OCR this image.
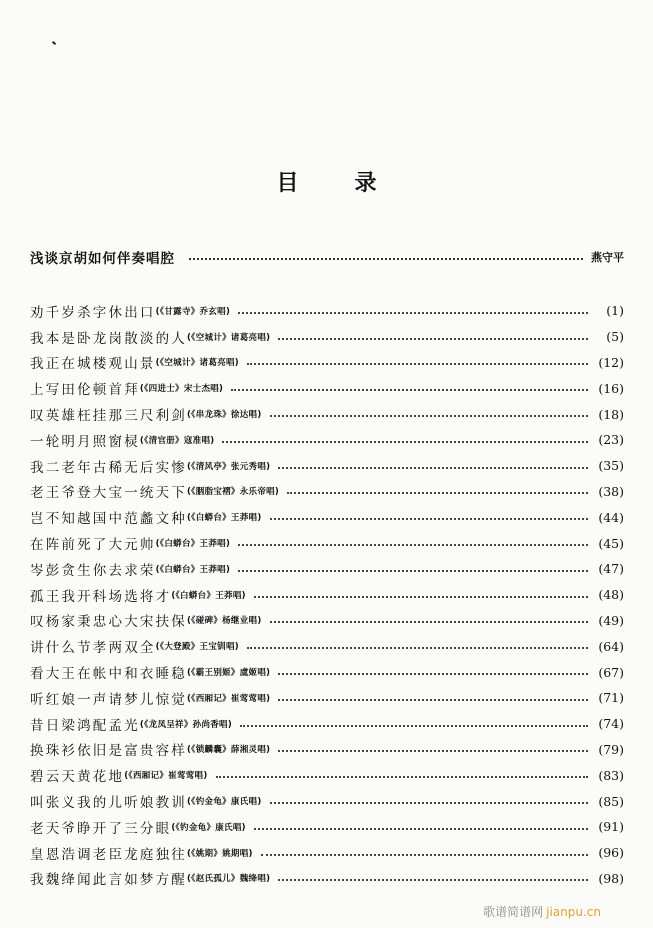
目录
浅谈京胡如何伴奏唱腔	燕守平
劝千岁杀字休出口 (《甘露寺》乔玄唱)	(1)
我本是卧龙岗散淡的人 (《空城计》诸葛亮唱)	(5)
我正在城楼观山景 (《空城计》诸葛亮唱)	(12)
上写田伦顿首拜 (《四进士》宋士杰唱)	(16)
叹英雄枉挂那三尺利剑 (《串龙珠》徐达唱)	(18)
一轮明月照窗棂 (《清官册》寇准唱)	(23)
我二老年古稀无后实惨 (《清风亭》张元秀唱)	(35)
老王爷登大宝一统天下 (《胭脂宝褶》永乐帝唱)	(38)
岂不知越国中范蠡文种 (《白蟒台》王莽唱)	(44)
在阵前死了大元帅 (《白蟒台》王莽唱)	(45)
岑彭贪生你去求荣 (《白蟒台》王莽唱)	(47)
孤王我开科场选将才 (《白蟒台》王莽唱)	(48)
叹杨家秉忠心大宋扶保 (《碰碑》杨继业唱)	(49)
讲什么节孝两双全 (《大登殿》王宝钏唱)	(64)
看大王在帐中和衣睡稳 (《霸王别姬》虞姬唱)	(67)
听红娘一声请梦儿惊觉 (《西厢记》崔莺莺唱)	(71)
昔日梁鸿配孟光 (《龙凤呈祥》孙尚香唱)	(74)
换珠衫依旧是富贵容样 (《锁麟囊》薛湘灵唱)	(79)
碧云天黄花地 (《西厢记》崔莺莺唱)	(83)
叫张义我的儿听娘教训 (《钓金龟》康氏唱)	(85)
老天爷睁开了三分眼 (《钓金龟》康氏唱)	(91)
皇恩浩调老臣龙庭独往 (《姚期》姚期唱)	(96)
我魏绛闻此言如梦方醒 (《赵氏孤儿》魏绛唱)	(98)
歌谱简谱网 jianpu.cn
